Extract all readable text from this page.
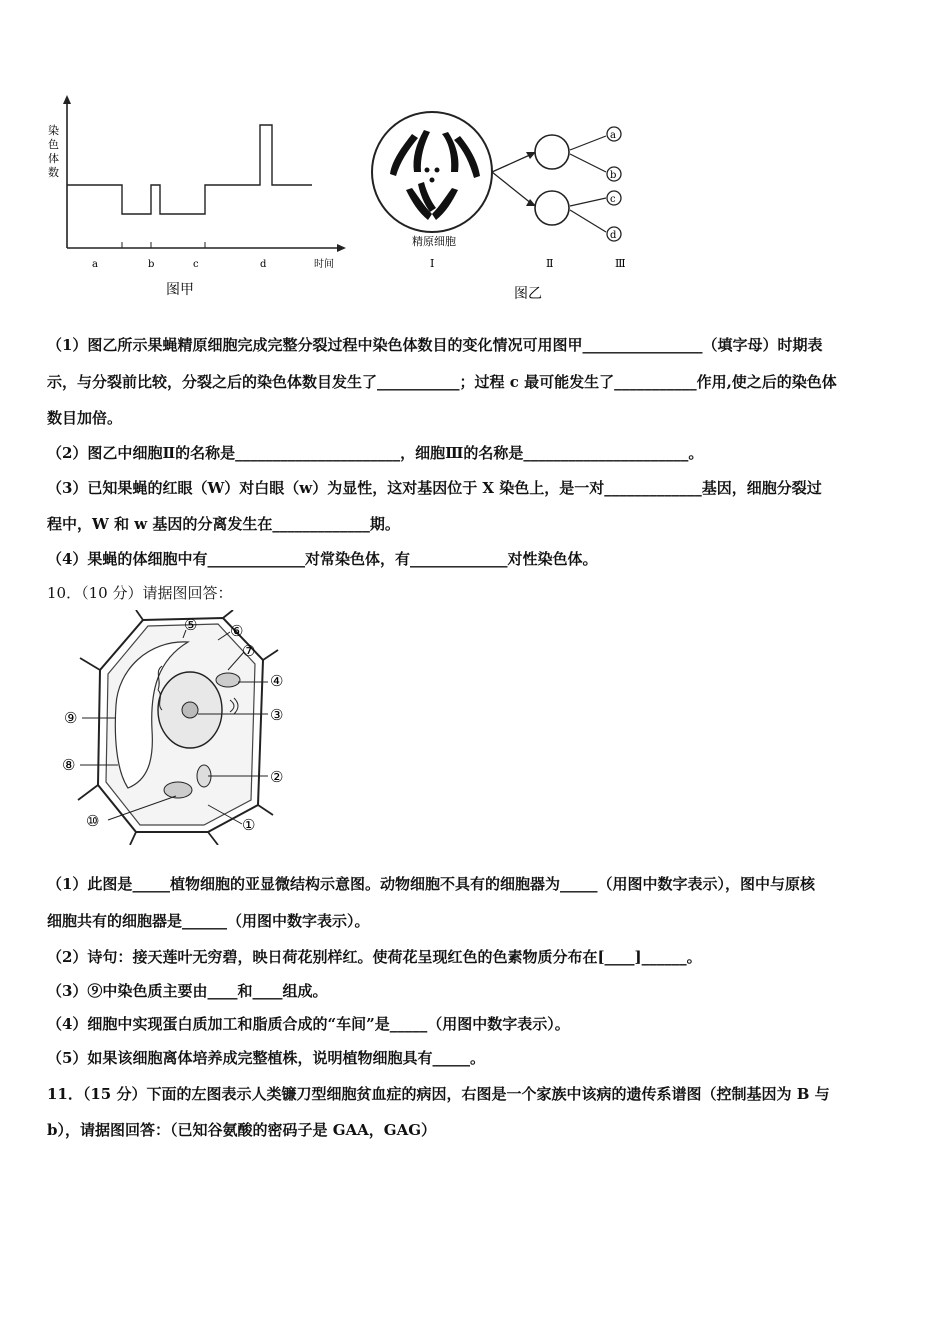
染
色
体
数
a	b	c	d	时间
图甲
a
b
c
d
精原细胞
Ⅰ	Ⅱ	Ⅲ
图乙
（1）图乙所示果蝇精原细胞完成完整分裂过程中染色体数目的变化情况可用图甲________________（填字母）时期表
示，与分裂前比较，分裂之后的染色体数目发生了___________；过程 c 最可能发生了___________作用,使之后的染色体
数目加倍。
（2）图乙中细胞Ⅱ的名称是______________________，细胞Ⅲ的名称是______________________。
（3）已知果蝇的红眼（W）对白眼（w）为显性，这对基因位于 X 染色上，是一对_____________基因，细胞分裂过
程中，W 和 w 基因的分离发生在_____________期。
（4）果蝇的体细胞中有_____________对常染色体，有_____________对性染色体。
10．（10 分）请据图回答：
⑤ ⑥
⑦
④
③
②
①
⑩
⑧
⑨
（1）此图是_____植物细胞的亚显微结构示意图。动物细胞不具有的细胞器为_____（用图中数字表示），图中与原核
细胞共有的细胞器是______（用图中数字表示）。
（2）诗句：接天莲叶无穷碧，映日荷花别样红。使荷花呈现红色的色素物质分布在[____]______。
（3）⑨中染色质主要由____和____组成。
（4）细胞中实现蛋白质加工和脂质合成的“车间”是_____（用图中数字表示）。
（5）如果该细胞离体培养成完整植株，说明植物细胞具有_____。
11．（15 分）下面的左图表示人类镰刀型细胞贫血症的病因，右图是一个家族中该病的遗传系谱图（控制基因为 B 与
b），请据图回答：（已知谷氨酸的密码子是 GAA，GAG）
